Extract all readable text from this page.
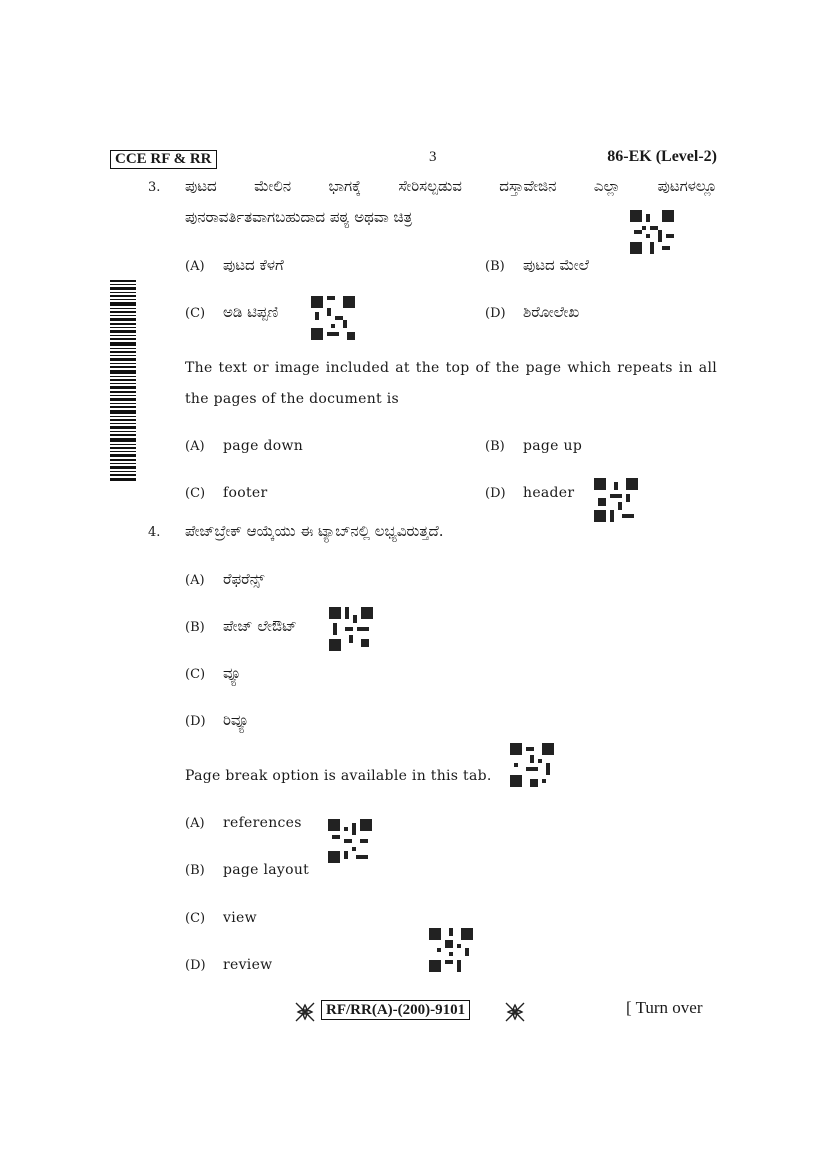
CCE RF & RR	3	86-EK (Level-2)
3. ಪುಟದ ಮೇಲಿನ ಭಾಗಕ್ಕೆ ಸೇರಿಸಲ್ಪಡುವ ದಸ್ತಾವೇಜಿನ ಎಲ್ಲಾ ಪುಟಗಳಲ್ಲೂ
ಪುನರಾವರ್ತಿತವಾಗಬಹುದಾದ ಪಠ್ಯ ಅಥವಾ ಚಿತ್ರ
(A) ಪುಟದ ಕೆಳಗೆ	(B) ಪುಟದ ಮೇಲೆ
(C) ಅಡಿ ಟಿಪ್ಪಣಿ	(D) ಶಿರೋಲೇಖ
The text or image included at the top of the page which repeats in all
the pages of the document is
(A) page down	(B) page up
(C) footer	(D) header
4. ಪೇಜ್‌ಬ್ರೇಕ್ ಆಯ್ಕೆಯು ಈ ಟ್ಯಾಬ್‌ನಲ್ಲಿ ಲಭ್ಯವಿರುತ್ತದೆ.
(A) ರೆಫರೆನ್ಸ್
(B) ಪೇಜ್ ಲೇಔಟ್
(C) ವ್ಯೂ
(D) ರಿವ್ಯೂ
Page break option is available in this tab.
(A) references
(B) page layout
(C) view
(D) review
RF/RR(A)-(200)-9101	[ Turn over
